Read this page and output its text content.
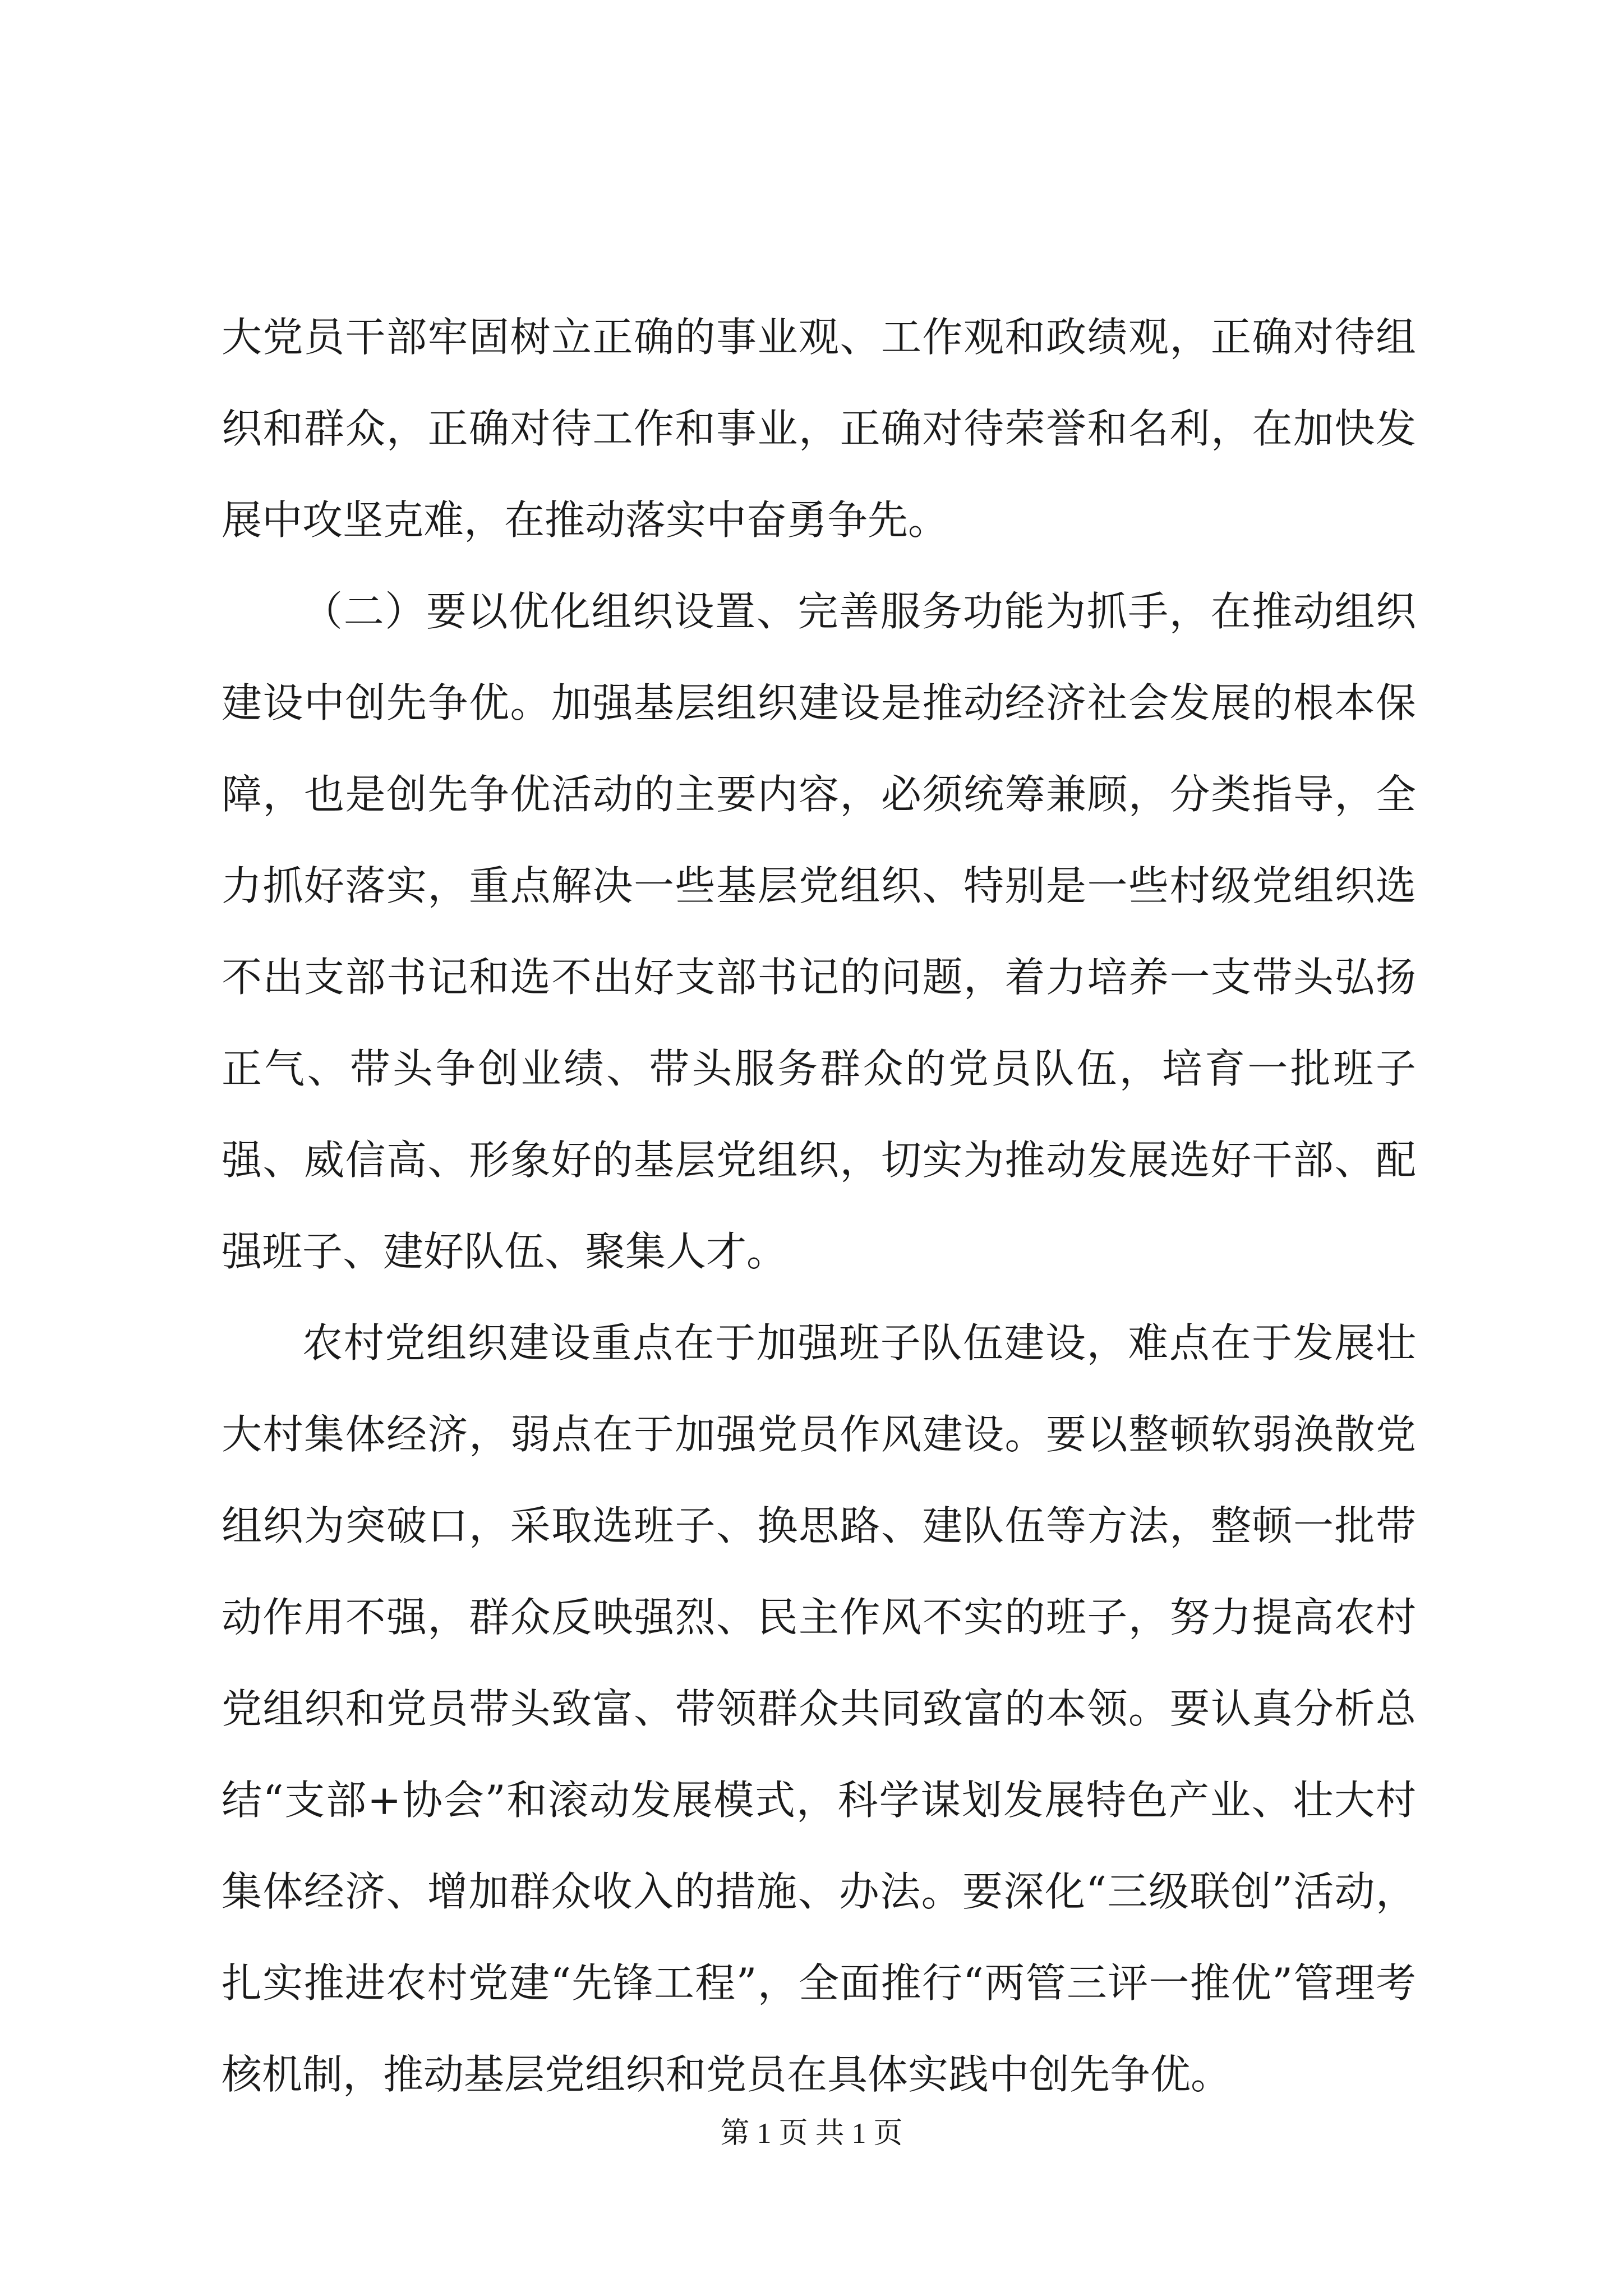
大党员干部牢固树立正确的事业观、工作观和政绩观，正确对待组织和群众，正确对待工作和事业，正确对待荣誉和名利，在加快发展中攻坚克难，在推动落实中奋勇争先。

（二）要以优化组织设置、完善服务功能为抓手，在推动组织建设中创先争优。加强基层组织建设是推动经济社会发展的根本保障，也是创先争优活动的主要内容，必须统筹兼顾，分类指导，全力抓好落实，重点解决一些基层党组织、特别是一些村级党组织选不出支部书记和选不出好支部书记的问题，着力培养一支带头弘扬正气、带头争创业绩、带头服务群众的党员队伍，培育一批班子强、威信高、形象好的基层党组织，切实为推动发展选好干部、配强班子、建好队伍、聚集人才。

农村党组织建设重点在于加强班子队伍建设，难点在于发展壮大村集体经济，弱点在于加强党员作风建设。要以整顿软弱涣散党组织为突破口，采取选班子、换思路、建队伍等方法，整顿一批带动作用不强，群众反映强烈、民主作风不实的班子，努力提高农村党组织和党员带头致富、带领群众共同致富的本领。要认真分析总结“支部+协会”和滚动发展模式，科学谋划发展特色产业、壮大村集体经济、增加群众收入的措施、办法。要深化“三级联创”活动，扎实推进农村党建“先锋工程”，全面推行“两管三评一推优”管理考核机制，推动基层党组织和党员在具体实践中创先争优。

第 1 页 共 1 页
